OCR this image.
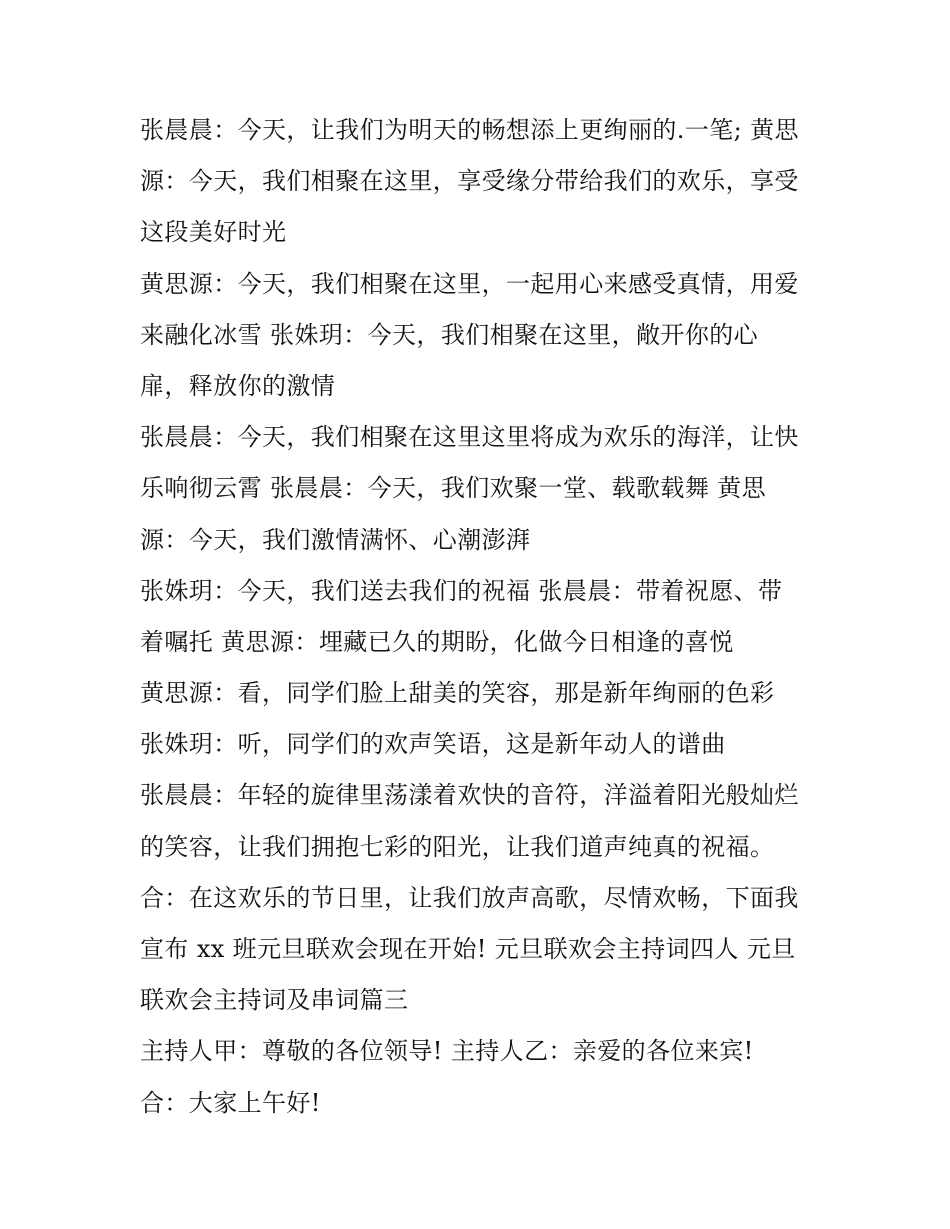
张晨晨：今天，让我们为明天的畅想添上更绚丽的.一笔; 黄思
源：今天，我们相聚在这里，享受缘分带给我们的欢乐，享受
这段美好时光
黄思源：今天，我们相聚在这里，一起用心来感受真情，用爱
来融化冰雪 张姝玥：今天，我们相聚在这里，敞开你的心
扉，释放你的激情
张晨晨：今天，我们相聚在这里这里将成为欢乐的海洋，让快
乐响彻云霄 张晨晨：今天，我们欢聚一堂、载歌载舞 黄思
源：今天，我们激情满怀、心潮澎湃
张姝玥：今天，我们送去我们的祝福 张晨晨：带着祝愿、带
着嘱托 黄思源：埋藏已久的期盼，化做今日相逢的喜悦
黄思源：看，同学们脸上甜美的笑容，那是新年绚丽的色彩
张姝玥：听，同学们的欢声笑语，这是新年动人的谱曲
张晨晨：年轻的旋律里荡漾着欢快的音符，洋溢着阳光般灿烂
的笑容，让我们拥抱七彩的阳光，让我们道声纯真的祝福。
合：在这欢乐的节日里，让我们放声高歌，尽情欢畅，下面我
宣布 xx 班元旦联欢会现在开始! 元旦联欢会主持词四人 元旦
联欢会主持词及串词篇三
主持人甲：尊敬的各位领导! 主持人乙：亲爱的各位来宾!
合：大家上午好!
